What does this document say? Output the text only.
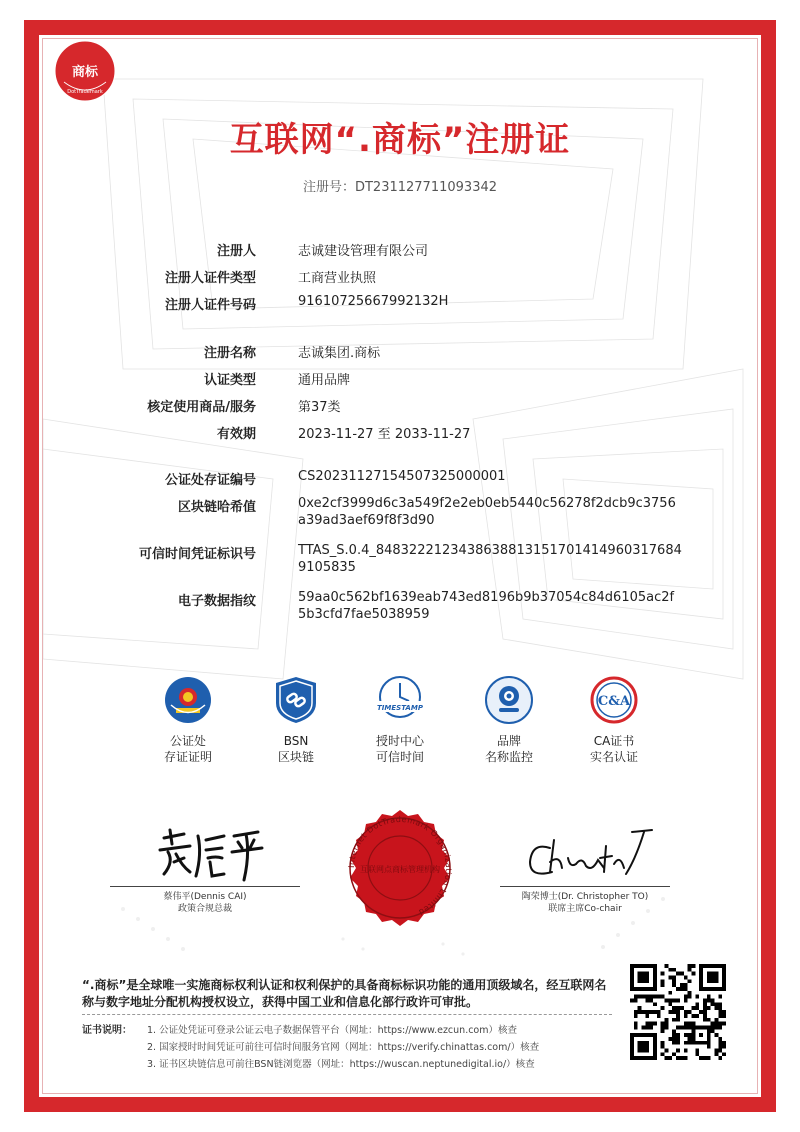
商标
DotTrademark
互联网“.商标”注册证
注册号：DT231127711093342
注册人	志诚建设管理有限公司
注册人证件类型	工商营业执照
注册人证件号码	91610725667992132H
注册名称	志诚集团.商标
认证类型	通用品牌
核定使用商品/服务	第37类
有效期	2023-11-27 至 2033-11-27
公证处存证编号	CS2023112715450732500000​1
区块链哈希值	0xe2cf3999d6c3a549f2e2eb0eb5440c56278f2dcb9c3756
a39ad3aef69f8f3d90
可信时间凭证标识号	TTAS_S.0.4_848322212343863881315170141496031768​4
9105835
电子数据指纹	59aa0c562bf1639eab743ed8196b9b37054c84d6105ac2f
5b3cfd7fae5038959
公证处
存证证明
BSN
区块链
TIMESTAMP
授时中心
可信时间
品牌
名称监控
C&A
CA证书
实名认证
蔡伟平(Dennis CAI)
政策合规总裁
陶荣博士(Dr. Christopher TO)
联席主席Co-chair
Internet DotTrademark Organization Limited
互联网点商标管理机构
“.商标”是全球唯一实施商标权利认证和权利保护的具备商标标识功能的通用顶级域名，经互联网名称与数字地址分配机构授权设立，获得中国工业和信息化部行政许可审批。
证书说明： 1. 公证处凭证可登录公证云电子数据保管平台（网址：https://www.ezcun.com）核查
2. 国家授时时间凭证可前往可信时间服务官网（网址：https://verify.chinattas.com/）核查
3. 证书区块链信息可前往BSN链浏览器（网址：https://wuscan.neptunedigital.io/）核查
